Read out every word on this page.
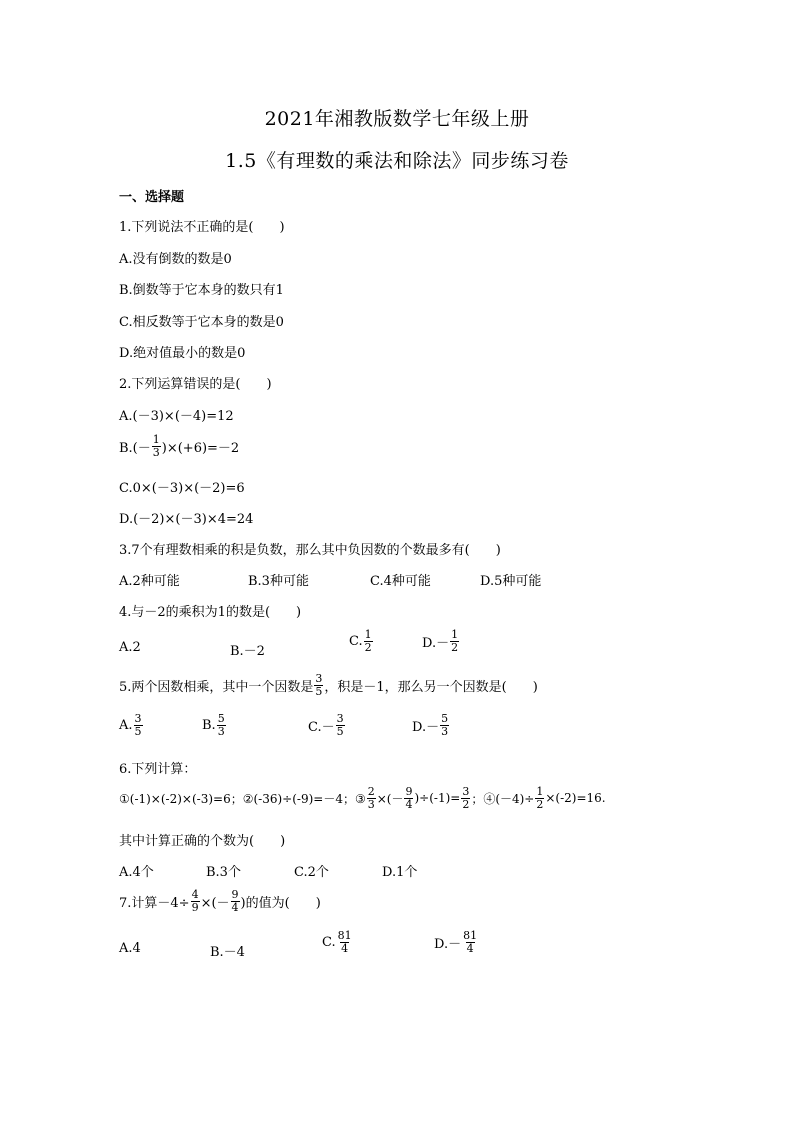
2021年湘教版数学七年级上册
1.5《有理数的乘法和除法》同步练习卷
一、选择题
1.下列说法不正确的是(　　)
A.没有倒数的数是0
B.倒数等于它本身的数只有1
C.相反数等于它本身的数是0
D.绝对值最小的数是0
2.下列运算错误的是(　　)
A.(－3)×(－4)=12
$B.(- \frac{1}{3} )\times(+6)=-2$
C.0×(－3)×(－2)=6
D.(－2)×(－3)×4=24
3.7个有理数相乘的积是负数，那么其中负因数的个数最多有(　　)
A.2种可能	B.3种可能	C.4种可能	D.5种可能
4.与－2的乘积为1的数是(　　)
A.2	B.－2
C. $\frac{1}{2}$	$D.- \frac{1}{2}$
5.两个因数相乘，其中一个因数是 $\frac{3}{5}$ ，积是－1，那么另一个因数是(　　)
A. $\frac{3}{5}$	B. $\frac{5}{3}$	$C.- \frac{3}{5}$	$D.- \frac{5}{3}$
6.下列计算：
①(-1)×(-2)×(-3)=6；②(-36)÷(-9)=－4；③ $\frac{2}{3}$ ×(－ $\frac{9}{4} )\div(-1)= \frac{3}{2}$ ；④(－4)÷ $\frac{1}{2} \times(-2)=16$.
其中计算正确的个数为(　　)
A.4个	B.3个	C.2个	D.1个
7.计算$-4\div \frac{4}{9}$ ×(－ $\frac{9}{4}$ )的值为(　　)
A.4	B.－4
C. $\frac{81}{4}$	$D.- \frac{81}{4}$
